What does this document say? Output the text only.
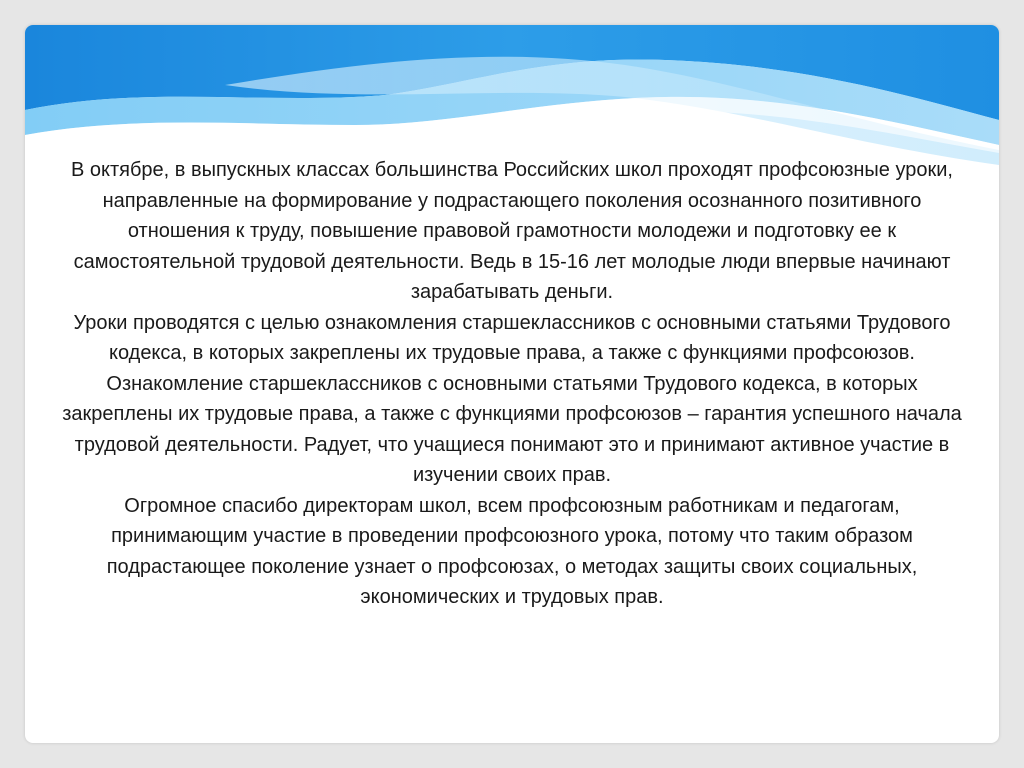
В октябре, в выпускных классах большинства Российских школ проходят профсоюзные уроки, направленные на формирование у подрастающего поколения осознанного позитивного отношения к труду, повышение правовой грамотности молодежи и подготовку ее к самостоятельной трудовой деятельности. Ведь в 15-16 лет молодые люди впервые начинают зарабатывать деньги.

Уроки проводятся с целью ознакомления старшеклассников с основными статьями Трудового кодекса, в которых закреплены их трудовые права, а также с функциями профсоюзов.

Ознакомление старшеклассников с основными статьями Трудового кодекса, в которых закреплены их трудовые права, а также с функциями профсоюзов – гарантия успешного начала трудовой деятельности. Радует, что учащиеся понимают это и принимают активное участие в изучении своих прав.

Огромное спасибо директорам школ, всем профсоюзным работникам и педагогам, принимающим участие в проведении профсоюзного урока, потому что таким образом подрастающее поколение узнает о профсоюзах, о методах защиты своих социальных, экономических и трудовых прав.
